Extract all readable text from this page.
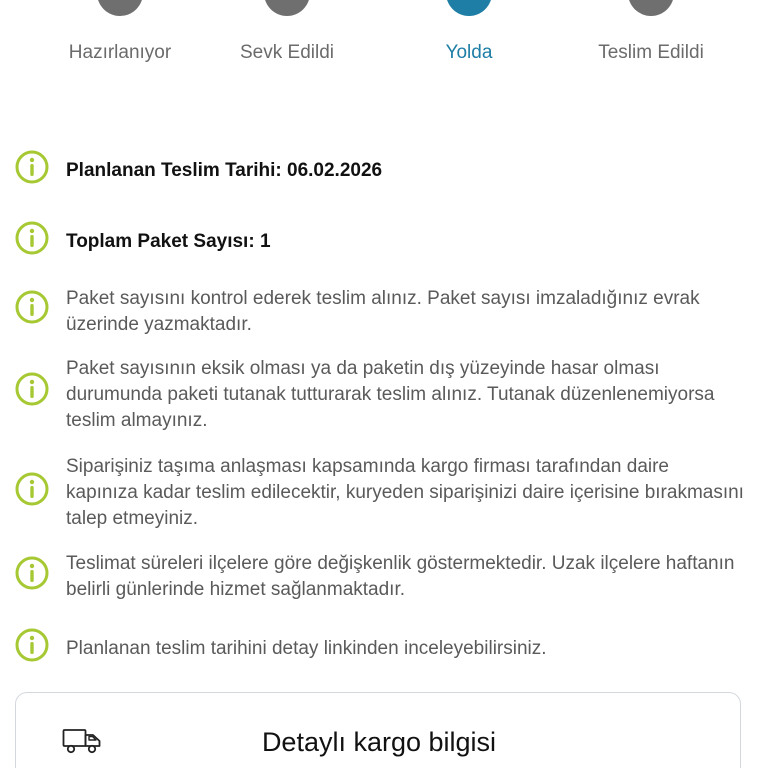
Hazırlanıyor	Sevk Edildi	Yolda	Teslim Edildi
Planlanan Teslim Tarihi: 06.02.2026
Toplam Paket Sayısı: 1
Paket sayısını kontrol ederek teslim alınız. Paket sayısı imzaladığınız evrak üzerinde yazmaktadır.
Paket sayısının eksik olması ya da paketin dış yüzeyinde hasar olması durumunda paketi tutanak tutturarak teslim alınız. Tutanak düzenlenemiyorsa teslim almayınız.
Siparişiniz taşıma anlaşması kapsamında kargo firması tarafından daire kapınıza kadar teslim edilecektir, kuryeden siparişinizi daire içerisine bırakmasını talep etmeyiniz.
Teslimat süreleri ilçelere göre değişkenlik göstermektedir. Uzak ilçelere haftanın belirli günlerinde hizmet sağlanmaktadır.
Planlanan teslim tarihini detay linkinden inceleyebilirsiniz.
Detaylı kargo bilgisi
